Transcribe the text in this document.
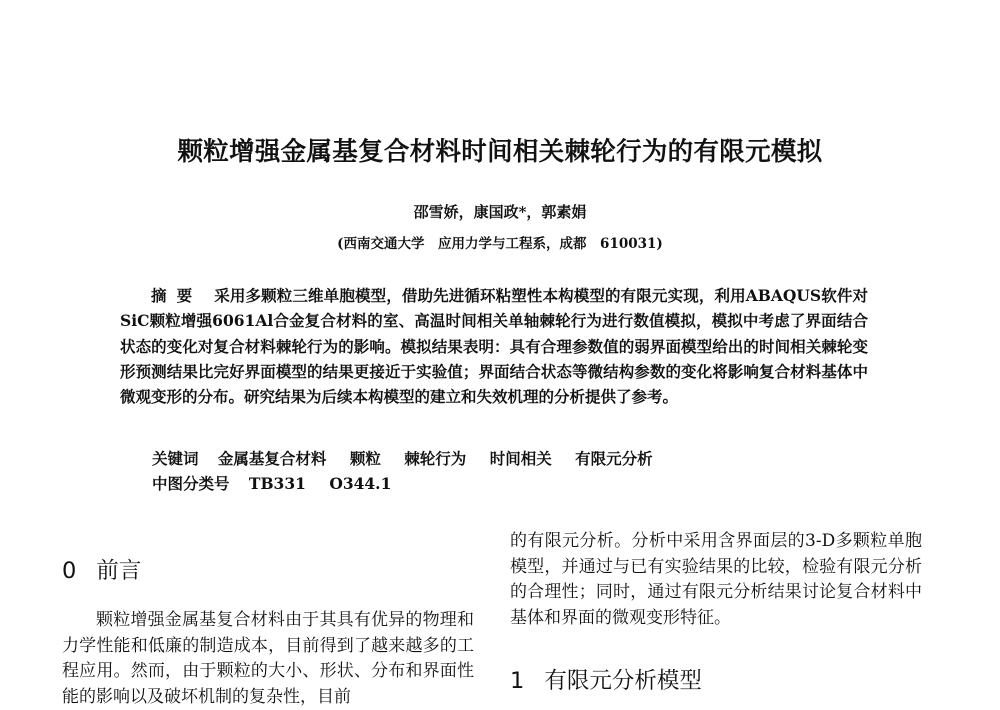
颗粒增强金属基复合材料时间相关棘轮行为的有限元模拟
邵雪娇，康国政*，郭素娟
(西南交通大学　应用力学与工程系，成都　610031)

摘要 采用多颗粒三维单胞模型，借助先进循环粘塑性本构模型的有限元实现，利用ABAQUS软件对SiC颗粒增强6061Al合金复合材料的室、高温时间相关单轴棘轮行为进行数值模拟，模拟中考虑了界面结合状态的变化对复合材料棘轮行为的影响。模拟结果表明：具有合理参数值的弱界面模型给出的时间相关棘轮变形预测结果比完好界面模型的结果更接近于实验值；界面结合状态等微结构参数的变化将影响复合材料基体中微观变形的分布。研究结果为后续本构模型的建立和失效机理的分析提供了参考。

关键词 金属基复合材料 颗粒 棘轮行为 时间相关 有限元分析
中图分类号 TB331 O344.1
0 前言

颗粒增强金属基复合材料由于其具有优异的物理和力学性能和低廉的制造成本，目前得到了越来越多的工程应用。然而，由于颗粒的大小、形状、分布和界面性能的影响以及破坏机制的复杂性，目前

的有限元分析。分析中采用含界面层的3-D多颗粒单胞模型，并通过与已有实验结果的比较，检验有限元分析的合理性；同时，通过有限元分析结果讨论复合材料中基体和界面的微观变形特征。

1 有限元分析模型
